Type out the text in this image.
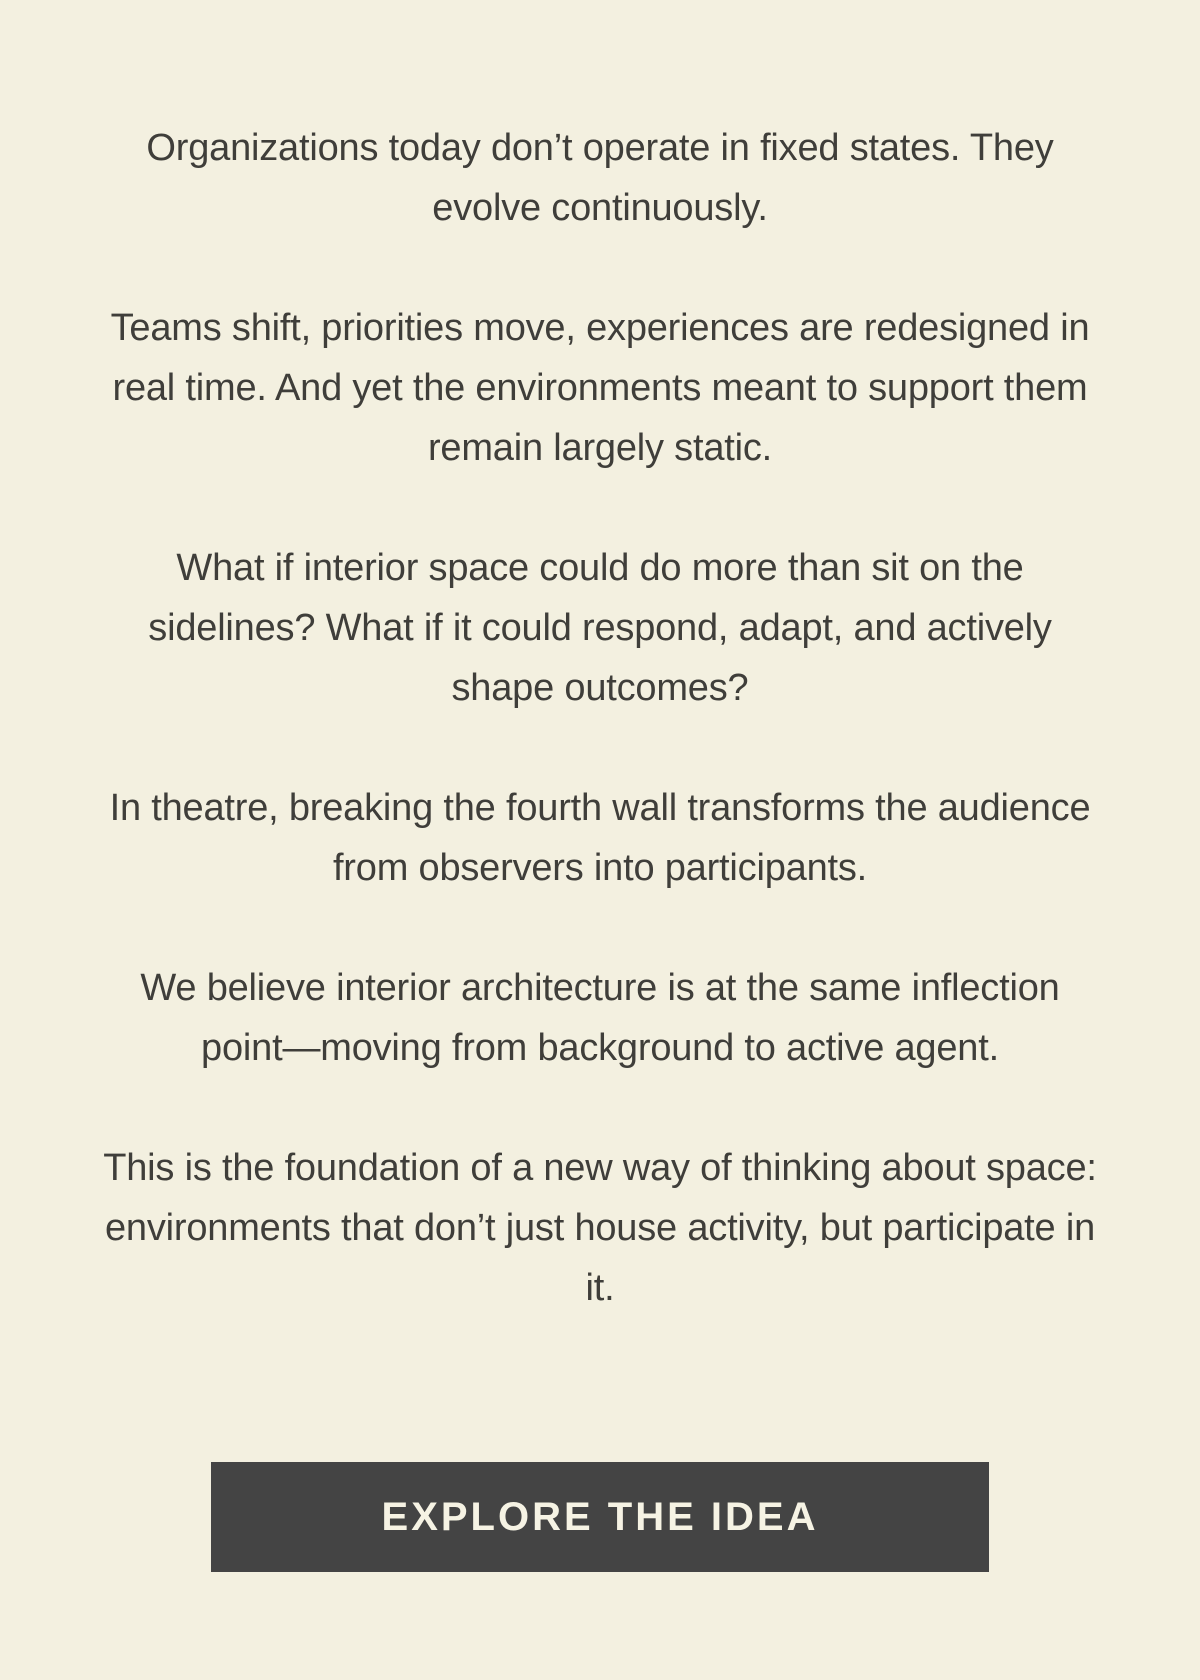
Organizations today don’t operate in fixed states. They evolve continuously.

Teams shift, priorities move, experiences are redesigned in real time. And yet the environments meant to support them remain largely static.

What if interior space could do more than sit on the sidelines? What if it could respond, adapt, and actively shape outcomes?

In theatre, breaking the fourth wall transforms the audience from observers into participants.

We believe interior architecture is at the same inflection point—moving from background to active agent.

This is the foundation of a new way of thinking about space: environments that don’t just house activity, but participate in it.

EXPLORE THE IDEA
